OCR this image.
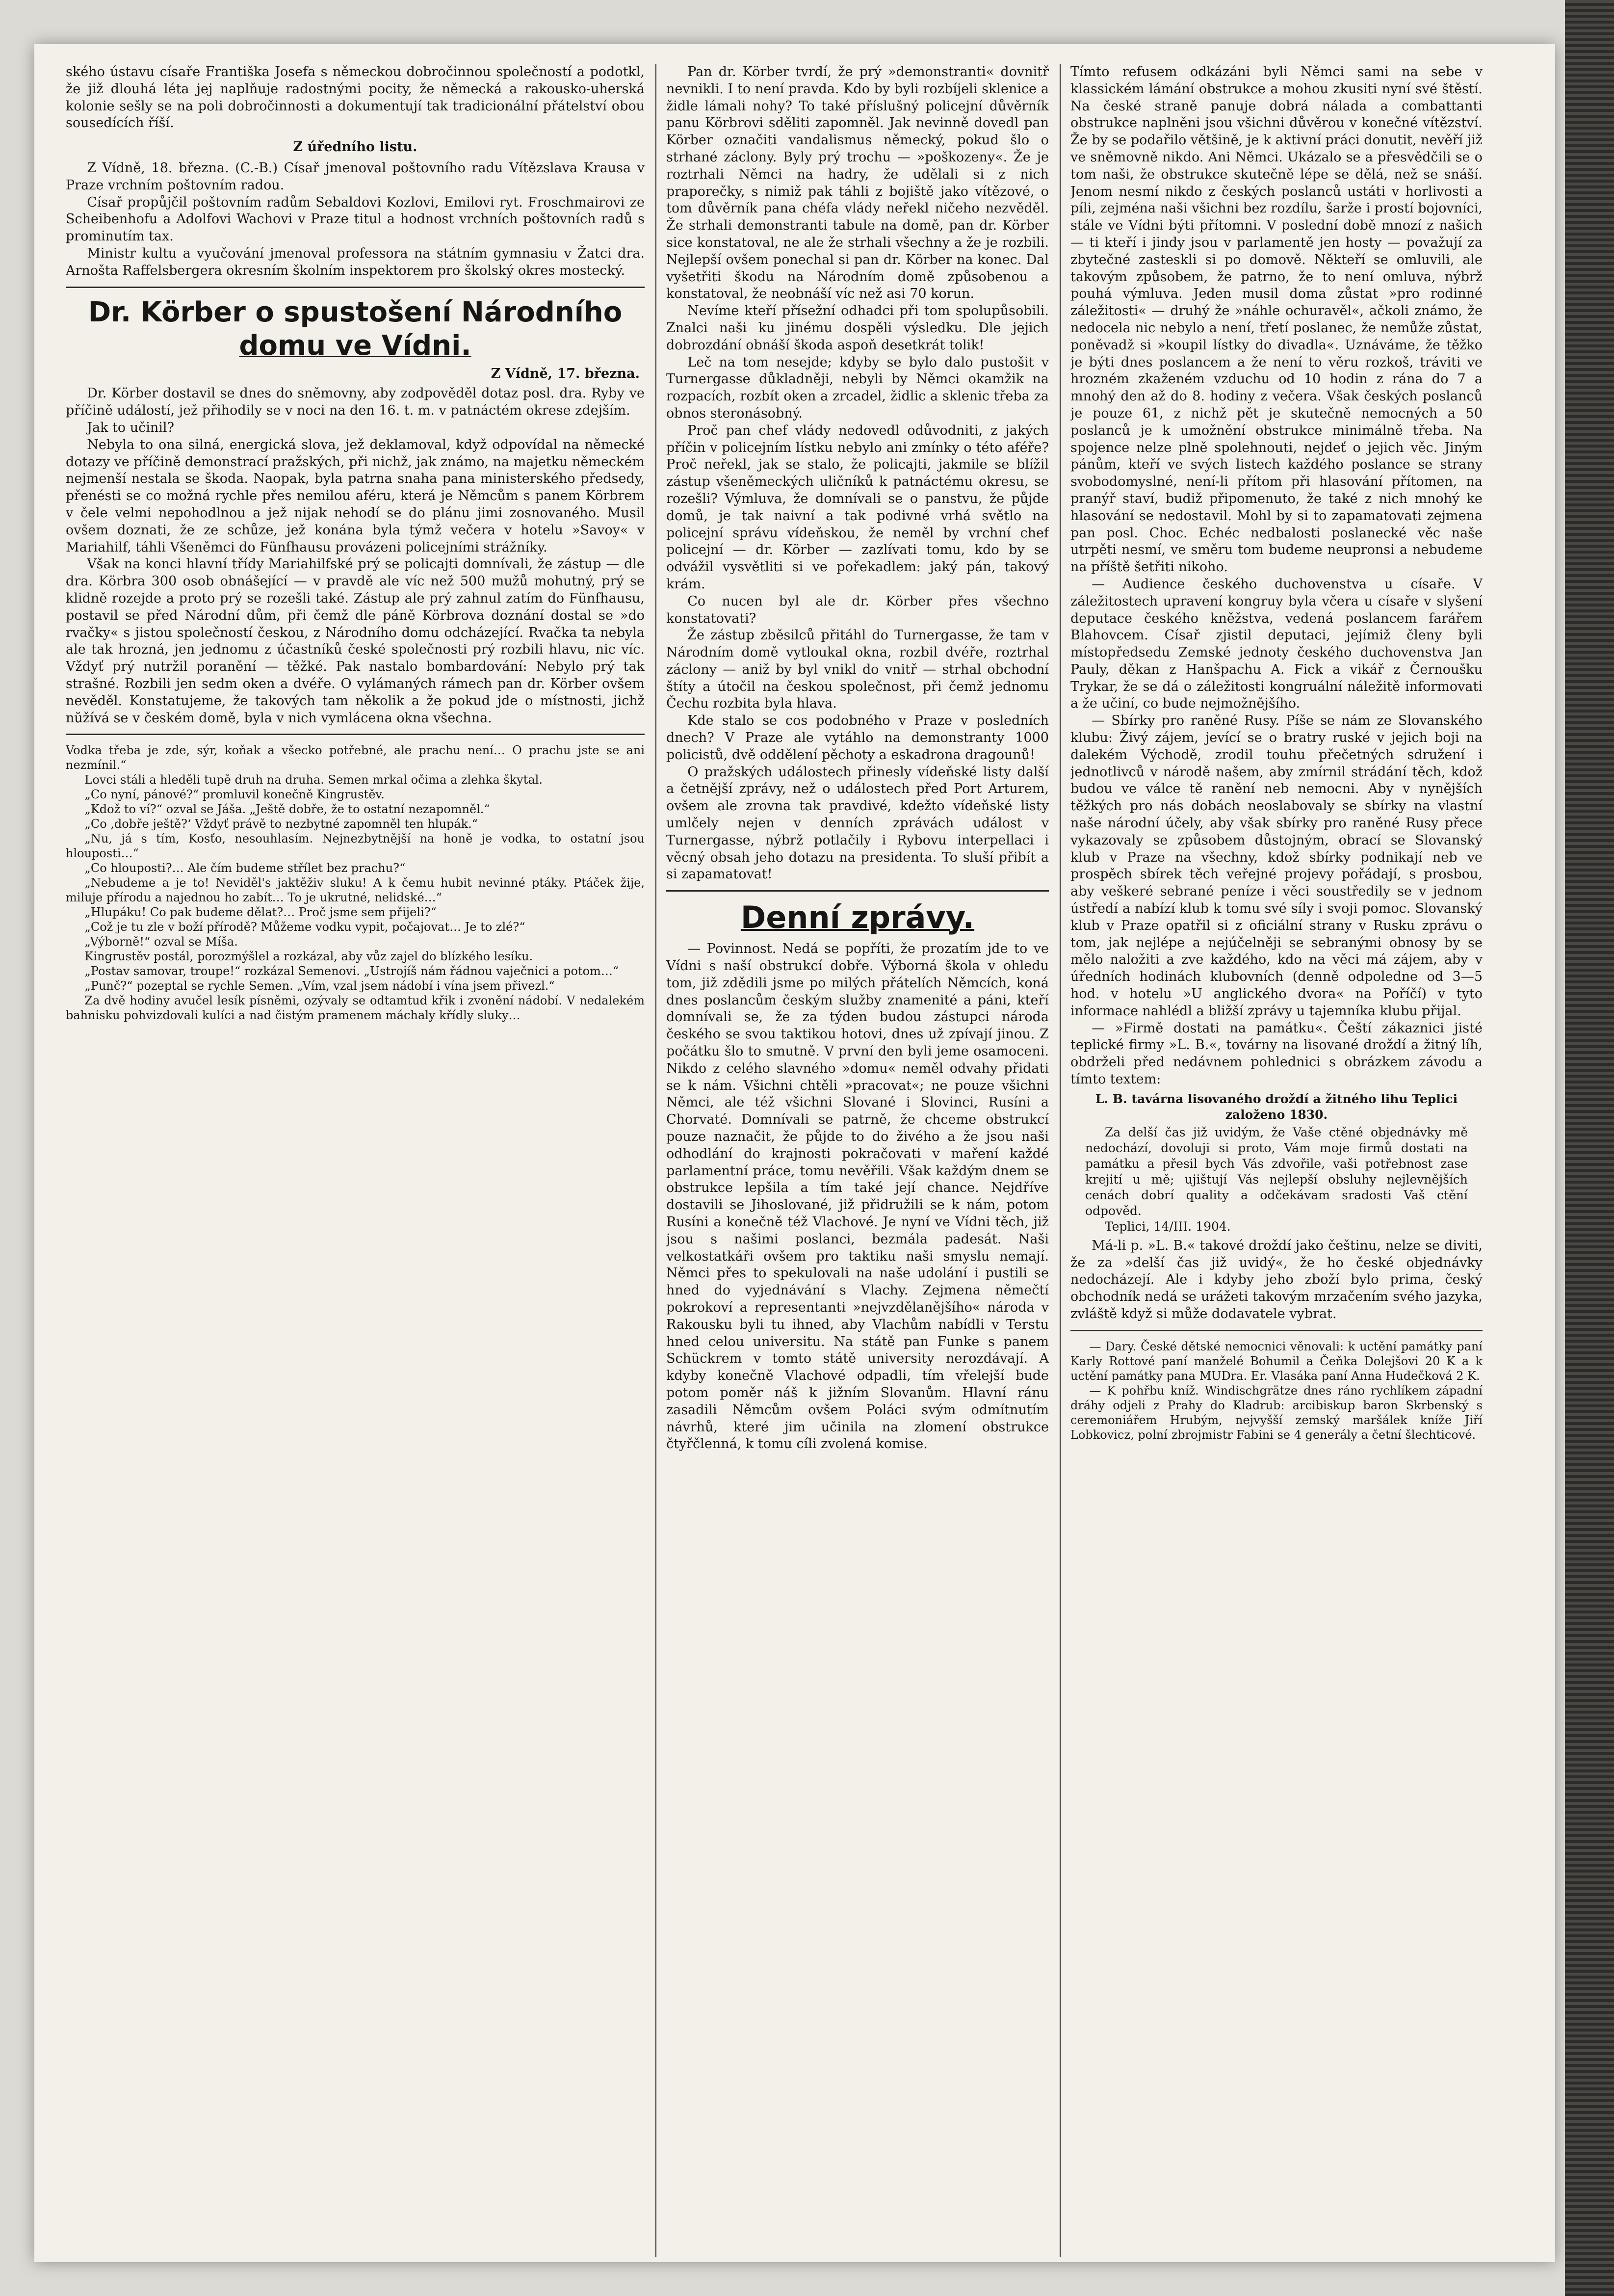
ského ústavu císaře Františka Josefa s německou dobročinnou společností a podotkl, že již dlouhá léta jej naplňuje radostnými pocity, že německá a rakousko-uherská kolonie sešly se na poli dobročinnosti a dokumentují tak tradicionální přátelství obou sousedících říší.

Z úředního listu.

Z Vídně, 18. března. (C.-B.) Císař jmenoval poštovního radu Vítězslava Krausa v Praze vrchním poštovním radou.

Císař propůjčil poštovním radům Sebaldovi Kozlovi, Emilovi ryt. Froschmairovi ze Scheibenhofu a Adolfovi Wachovi v Praze titul a hodnost vrchních poštovních radů s prominutím tax.

Ministr kultu a vyučování jmenoval professora na státním gymnasiu v Žatci dra. Arnošta Raffelsbergera okresním školním inspektorem pro školský okres mostecký.

Dr. Körber o spustošení Národního
domu ve Vídni.
Z Vídně, 17. března.

Dr. Körber dostavil se dnes do sněmovny, aby zodpověděl dotaz posl. dra. Ryby ve příčině událostí, jež přihodily se v noci na den 16. t. m. v patnáctém okrese zdejším.

Jak to učinil?

Nebyla to ona silná, energická slova, jež deklamoval, když odpovídal na německé dotazy ve příčině demonstrací pražských, při nichž, jak známo, na majetku německém nejmenší nestala se škoda. Naopak, byla patrna snaha pana ministerského předsedy, přenésti se co možná rychle přes nemilou aféru, která je Němcům s panem Körbrem v čele velmi nepohodlnou a jež nijak nehodí se do plánu jimi zosnovaného. Musil ovšem doznati, že ze schůze, jež konána byla týmž večera v hotelu »Savoy« v Mariahilf, táhli Všeněmci do Fünfhausu provázeni policejními strážníky.

Však na konci hlavní třídy Mariahilfské prý se policajti domnívali, že zástup — dle dra. Körbra 300 osob obnášející — v pravdě ale víc než 500 mužů mohutný, prý se klidně rozejde a proto prý se rozešli také. Zástup ale prý zahnul zatím do Fünfhausu, postavil se před Národní dům, při čemž dle páně Körbrova doznání dostal se »do rvačky« s jistou společností českou, z Národního domu odcházející. Rvačka ta nebyla ale tak hrozná, jen jednomu z účastníků české společnosti prý rozbili hlavu, nic víc. Vždyť prý nutržil poranění — těžké. Pak nastalo bombardování: Nebylo prý tak strašné. Rozbili jen sedm oken a dvéře. O vylámaných rámech pan dr. Körber ovšem nevěděl. Konstatujeme, že takových tam několik a že pokud jde o místnosti, jichž nŭžívá se v českém domě, byla v nich vymlácena okna všechna.

Vodka třeba je zde, sýr, koňak a všecko potřebné, ale prachu není… O prachu jste se ani nezmínil.“

Lovci stáli a hleděli tupě druh na druha. Semen mrkal očima a zlehka škytal.

„Co nyní, pánové?“ promluvil konečně Kingrustěv.

„Kdož to ví?“ ozval se Jáša. „Ještě dobře, že to ostatní nezapomněl.“

„Co ,dobře ještě?‘ Vždyť právě to nezbytné zapomněl ten hlupák.“

„Nu, já s tím, Kosťo, nesouhlasím. Nejnezbytnější na honě je vodka, to ostatní jsou hlouposti…“

„Co hlouposti?… Ale čím budeme střílet bez prachu?“

„Nebudeme a je to! Neviděl's jaktěživ sluku! A k čemu hubit nevinné ptáky. Ptáček žije, miluje přírodu a najednou ho zabít… To je ukrutné, nelidské…“

„Hlupáku! Co pak budeme dělat?… Proč jsme sem přijeli?“

„Což je tu zle v boží přírodě? Můžeme vodku vypit, počajovat… Je to zlé?“

„Výborně!“ ozval se Míša.

Kingrustěv postál, porozmýšlel a rozkázal, aby vůz zajel do blízkého lesíku.

„Postav samovar, troupe!“ rozkázal Semenovi. „Ustrojíš nám řádnou vaječnici a potom…“

„Punč?“ pozeptal se rychle Semen. „Vím, vzal jsem nádobí i vína jsem přivezl.“

Za dvě hodiny avučel lesík písněmi, ozývaly se odtamtud křik i zvonění nádobí. V nedalekém bahnisku pohvizdovali kulíci a nad čistým pramenem máchaly křídly sluky…

Pan dr. Körber tvrdí, že prý »demonstranti« dovnitř nevnikli. I to není pravda. Kdo by byli rozbíjeli sklenice a židle lámali nohy? To také příslušný policejní důvěrník panu Körbrovi sděliti zapomněl. Jak nevinně dovedl pan Körber označiti vandalismus německý, pokud šlo o strhané záclony. Byly prý trochu — »poškozeny«. Že je roztrhali Němci na hadry, že udělali si z nich praporečky, s nimiž pak táhli z bojiště jako vítězové, o tom důvěrník pana chéfa vlády neřekl ničeho nezvěděl. Že strhali demonstranti tabule na domě, pan dr. Körber sice konstatoval, ne ale že strhali všechny a že je rozbili. Nejlepší ovšem ponechal si pan dr. Körber na konec. Dal vyšetřiti škodu na Národním domě způsobenou a konstatoval, že neobnáší víc než asi 70 korun.

Nevíme kteří přísežní odhadci při tom spolupůsobili. Znalci naši ku jinému dospěli výsledku. Dle jejich dobrozdání obnáší škoda aspoň desetkrát tolik!

Leč na tom nesejde; kdyby se bylo dalo pustošit v Turnergasse důkladněji, nebyli by Němci okamžik na rozpacích, rozbít oken a zrcadel, židlic a sklenic třeba za obnos steronásobný.

Proč pan chef vlády nedovedl odůvodniti, z jakých příčin v policejním lístku nebylo ani zmínky o této aféře? Proč neřekl, jak se stalo, že policajti, jakmile se blížil zástup všeněmeckých uličníků k patnáctému okresu, se rozešli? Výmluva, že domnívali se o panstvu, že půjde domů, je tak naivní a tak podivné vrhá světlo na policejní správu vídeňskou, že neměl by vrchní chef policejní — dr. Körber — zazlívati tomu, kdo by se odvážil vysvětliti si ve pořekadlem: jaký pán, takový krám.

Co nucen byl ale dr. Körber přes všechno konstatovati?

Že zástup zběsilců přitáhl do Turnergasse, že tam v Národním domě vytloukal okna, rozbil dvéře, roztrhal záclony — aniž by byl vnikl do vnitř — strhal obchodní štíty a útočil na českou společnost, při čemž jednomu Čechu rozbita byla hlava.

Kde stalo se cos podobného v Praze v posledních dnech? V Praze ale vytáhlo na demonstranty 1000 policistů, dvě oddělení pěchoty a eskadrona dragounů!

O pražských událostech přinesly vídeňské listy další a četnější zprávy, než o událostech před Port Arturem, ovšem ale zrovna tak pravdivé, kdežto vídeňské listy umlčely nejen v denních zprávách událost v Turnergasse, nýbrž potlačily i Rybovu interpellaci i věcný obsah jeho dotazu na presidenta. To sluší přibít a si zapamatovat!

Denní zprávy.

— Povinnost. Nedá se popříti, že prozatím jde to ve Vídni s naší obstrukcí dobře. Výborná škola v ohledu tom, již zdědili jsme po milých přátelích Němcích, koná dnes poslancům českým služby znamenité a páni, kteří domnívali se, že za týden budou zástupci národa českého se svou taktikou hotovi, dnes už zpívají jinou. Z počátku šlo to smutně. V první den byli jeme osamoceni. Nikdo z celého slavného »domu« neměl odvahy přidati se k nám. Všichni chtěli »pracovat«; ne pouze všichni Němci, ale též všichni Slované i Slovinci, Rusíni a Chorvaté. Domnívali se patrně, že chceme obstrukcí pouze naznačit, že půjde to do živého a že jsou naši odhodlání do krajnosti pokračovati v maření každé parlamentní práce, tomu nevěřili. Však každým dnem se obstrukce lepšila a tím také její chance. Nejdříve dostavili se Jihoslované, již přidružili se k nám, potom Rusíni a konečně též Vlachové. Je nyní ve Vídni těch, již jsou s našimi poslanci, bezmála padesát. Naši velkostatkáři ovšem pro taktiku naši smyslu nemají. Němci přes to spekulovali na naše udolání i pustili se hned do vyjednávání s Vlachy. Zejmena němečtí pokrokoví a representanti »nejvzdělanějšího« národa v Rakousku byli tu ihned, aby Vlachům nabídli v Terstu hned celou universitu. Na státě pan Funke s panem Schückrem v tomto státě university nerozdávají. A kdyby konečně Vlachové odpadli, tím vřelejší bude potom poměr náš k jižním Slovanům. Hlavní ránu zasadili Němcům ovšem Poláci svým odmítnutím návrhů, které jim učinila na zlomení obstrukce čtyřčlenná, k tomu cíli zvolená komise.

Tímto refusem odkázáni byli Němci sami na sebe v klassickém lámání obstrukce a mohou zkusiti nyní své štěstí. Na české straně panuje dobrá nálada a combattanti obstrukce naplněni jsou všichni důvěrou v konečné vítězství. Že by se podařilo většině, je k aktivní práci donutit, nevěří již ve sněmovně nikdo. Ani Němci. Ukázalo se a přesvědčili se o tom naši, že obstrukce skutečně lépe se dělá, než se snáší. Jenom nesmí nikdo z českých poslanců ustáti v horlivosti a píli, zejména naši všichni bez rozdílu, šarže i prostí bojovníci, stále ve Vídni býti přítomni. V poslední době mnozí z našich — ti kteří i jindy jsou v parlamentě jen hosty — považují za zbytečné zasteskli si po domově. Někteří se omluvili, ale takovým způsobem, že patrno, že to není omluva, nýbrž pouhá výmluva. Jeden musil doma zůstat »pro rodinné záležitosti« — druhý že »náhle ochuravěl«, ačkoli známo, že nedocela nic nebylo a není, třetí poslanec, že nemůže zůstat, poněvadž si »koupil lístky do divadla«. Uznáváme, že těžko je býti dnes poslancem a že není to věru rozkoš, tráviti ve hrozném zkaženém vzduchu od 10 hodin z rána do 7 a mnohý den až do 8. hodiny z večera. Však českých poslanců je pouze 61, z nichž pět je skutečně nemocných a 50 poslanců je k umožnění obstrukce minimálně třeba. Na spojence nelze plně spolehnouti, nejdeť o jejich věc. Jiným pánům, kteří ve svých listech každého poslance se strany svobodomyslné, není-li přítom při hlasování přítomen, na pranýř staví, budiž připomenuto, že také z nich mnohý ke hlasování se nedostavil. Mohl by si to zapamatovati zejmena pan posl. Choc. Echéc nedbalosti poslanecké věc naše utrpěti nesmí, ve směru tom budeme neupronsi a nebudeme na příště šetřiti nikoho.

— Audience českého duchovenstva u císaře. V záležitostech upravení kongruy byla včera u císaře v slyšení deputace českého kněžstva, vedená poslancem farářem Blahovcem. Císař zjistil deputaci, jejímiž členy byli místopředsedu Zemské jednoty českého duchovenstva Jan Pauly, děkan z Hanšpachu A. Fick a vikář z Černoušku Trykar, že se dá o záležitosti kongruální náležitě informovati a že učiní, co bude nejmožnějšího.

— Sbírky pro raněné Rusy. Píše se nám ze Slovanského klubu: Živý zájem, jevící se o bratry ruské v jejich boji na dalekém Východě, zrodil touhu přečetných sdružení i jednotlivců v národě našem, aby zmírnil strádání těch, kdož budou ve válce tě ranění neb nemocni. Aby v nynějších těžkých pro nás dobách neoslabovaly se sbírky na vlastní naše národní účely, aby však sbírky pro raněné Rusy přece vykazovaly se způsobem důstojným, obrací se Slovanský klub v Praze na všechny, kdož sbírky podnikají neb ve prospěch sbírek těch veřejné projevy pořádají, s prosbou, aby veškeré sebrané peníze i věci soustředily se v jednom ústředí a nabízí klub k tomu své síly i svoji pomoc. Slovanský klub v Praze opatřil si z oficiální strany v Rusku zprávu o tom, jak nejlépe a nejúčelněji se sebranými obnosy by se mělo naložiti a zve každého, kdo na věci má zájem, aby v úředních hodinách klubovních (denně odpoledne od 3—5 hod. v hotelu »U anglického dvora« na Poříčí) v tyto informace nahlédl a bližší zprávy u tajemníka klubu přijal.

— »Firmě dostati na památku«. Čeští zákaznici jisté teplické firmy »L. B.«, továrny na lisované droždí a žitný líh, obdrželi před nedávnem pohlednici s obrázkem závodu a tímto textem:

L. B. tavárna lisovaného droždí a žitného lihu Teplici založeno 1830.

Za delší čas již uvidým, že Vaše ctěné objednávky mě nedochází, dovoluji si proto, Vám moje firmů dostati na památku a přesil bych Vás zdvořile, vaši potřebnost zase krejití u mě; ujištují Vás nejlepší obsluhy nejlevnějších cenách dobrí quality a odčekávam sradosti Vaš ctění odpověd.

Teplici, 14/III. 1904.

Má-li p. »L. B.« takové droždí jako češtinu, nelze se diviti, že za »delší čas již uvidý«, že ho české objednávky nedocházejí. Ale i kdyby jeho zboží bylo prima, český obchodník nedá se urážeti takovým mrzačením svého jazyka, zvláště když si může dodavatele vybrat.

— Dary. České dětské nemocnici věnovali: k uctění památky paní Karly Rottové paní manželé Bohumil a Čeňka Dolejšovi 20 K a k uctění památky pana MUDra. Er. Vlasáka paní Anna Hudečková 2 K.

— K pohřbu kníž. Windischgrätze dnes ráno rychlíkem západní dráhy odjeli z Prahy do Kladrub: arcibiskup baron Skrbenský s ceremoniářem Hrubým, nejvyšší zemský maršálek kníže Jiří Lobkovicz, polní zbrojmistr Fabini se 4 generály a četní šlechticové.
